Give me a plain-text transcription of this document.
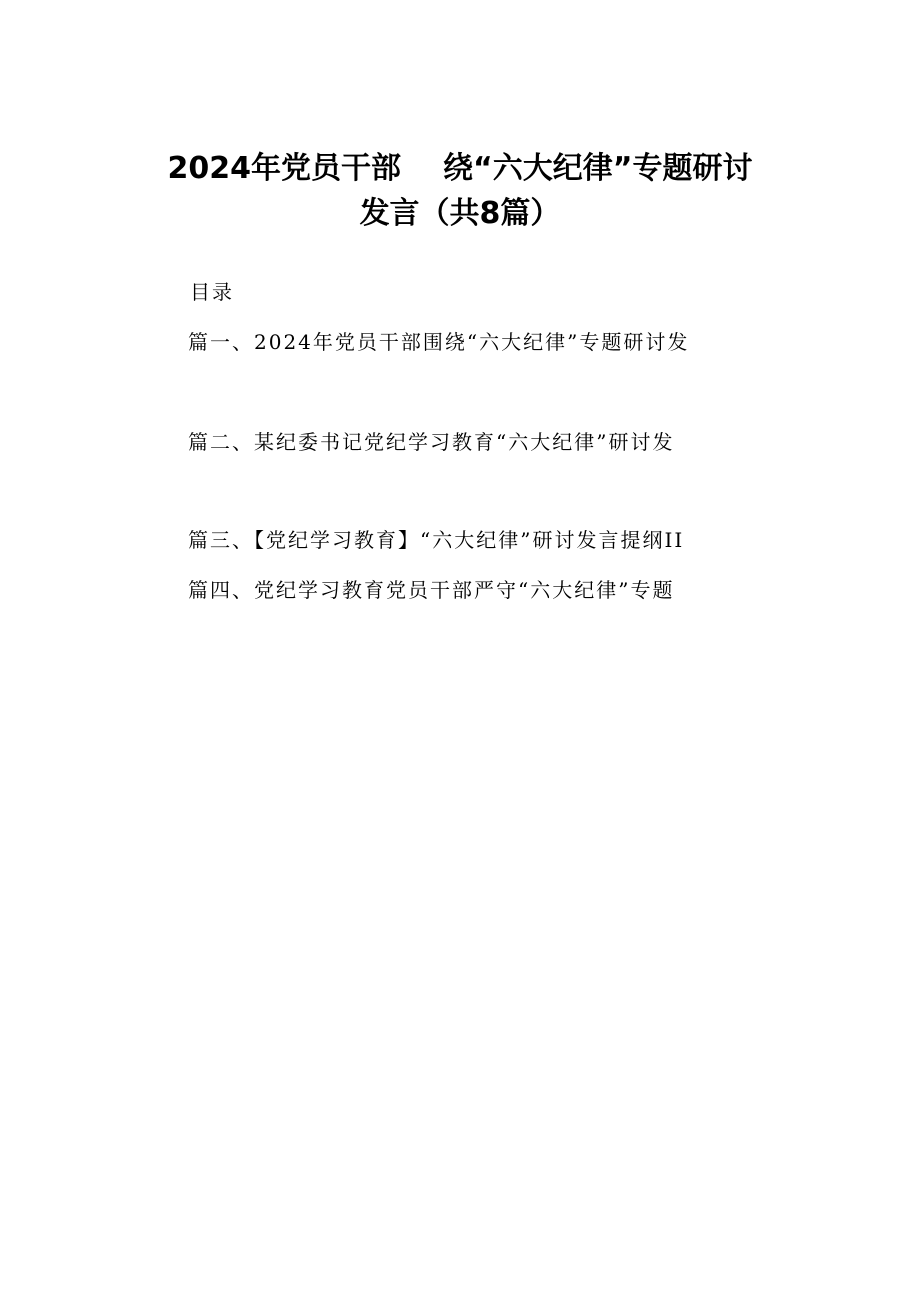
2024年党员干部 绕“六大纪律”专题研讨
发言（共8篇）
目录
篇一、2024年党员干部围绕“六大纪律”专题研讨发
篇二、某纪委书记党纪学习教育“六大纪律”研讨发
篇三、【党纪学习教育】“六大纪律”研讨发言提纲II
篇四、党纪学习教育党员干部严守“六大纪律”专题
